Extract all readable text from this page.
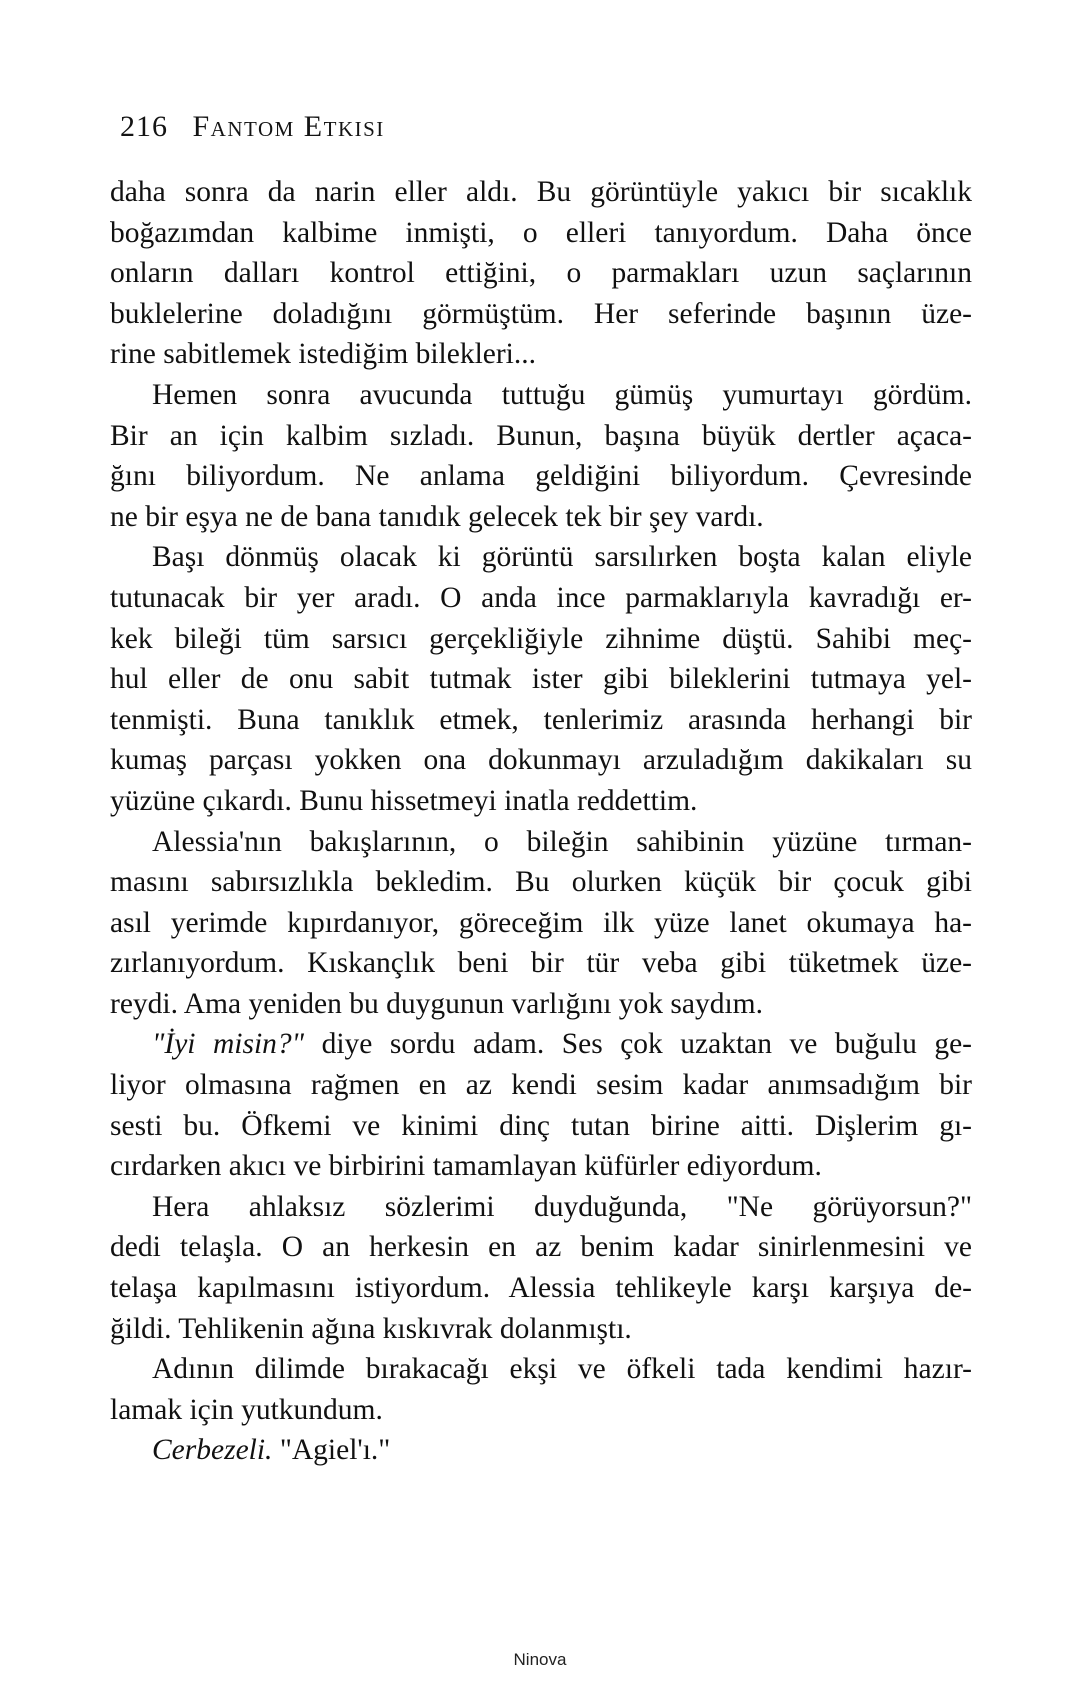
216 Fantom Etkisi
daha sonra da narin eller aldı. Bu görüntüyle yakıcı bir sıcaklık
boğazımdan kalbime inmişti, o elleri tanıyordum. Daha önce
onların dalları kontrol ettiğini, o parmakları uzun saçlarının
buklelerine doladığını görmüştüm. Her seferinde başının üze-
rine sabitlemek istediğim bilekleri...
Hemen sonra avucunda tuttuğu gümüş yumurtayı gördüm.
Bir an için kalbim sızladı. Bunun, başına büyük dertler açaca-
ğını biliyordum. Ne anlama geldiğini biliyordum. Çevresinde
ne bir eşya ne de bana tanıdık gelecek tek bir şey vardı.
Başı dönmüş olacak ki görüntü sarsılırken boşta kalan eliyle
tutunacak bir yer aradı. O anda ince parmaklarıyla kavradığı er-
kek bileği tüm sarsıcı gerçekliğiyle zihnime düştü. Sahibi meç-
hul eller de onu sabit tutmak ister gibi bileklerini tutmaya yel-
tenmişti. Buna tanıklık etmek, tenlerimiz arasında herhangi bir
kumaş parçası yokken ona dokunmayı arzuladığım dakikaları su
yüzüne çıkardı. Bunu hissetmeyi inatla reddettim.
Alessia'nın bakışlarının, o bileğin sahibinin yüzüne tırman-
masını sabırsızlıkla bekledim. Bu olurken küçük bir çocuk gibi
asıl yerimde kıpırdanıyor, göreceğim ilk yüze lanet okumaya ha-
zırlanıyordum. Kıskançlık beni bir tür veba gibi tüketmek üze-
reydi. Ama yeniden bu duygunun varlığını yok saydım.
"İyi misin?" diye sordu adam. Ses çok uzaktan ve buğulu ge-
liyor olmasına rağmen en az kendi sesim kadar anımsadığım bir
sesti bu. Öfkemi ve kinimi dinç tutan birine aitti. Dişlerim gı-
cırdarken akıcı ve birbirini tamamlayan küfürler ediyordum.
Hera ahlaksız sözlerimi duyduğunda, "Ne görüyorsun?"
dedi telaşla. O an herkesin en az benim kadar sinirlenmesini ve
telaşa kapılmasını istiyordum. Alessia tehlikeyle karşı karşıya de-
ğildi. Tehlikenin ağına kıskıvrak dolanmıştı.
Adının dilimde bırakacağı ekşi ve öfkeli tada kendimi hazır-
lamak için yutkundum.
Cerbezeli. "Agiel'ı."
Ninova
